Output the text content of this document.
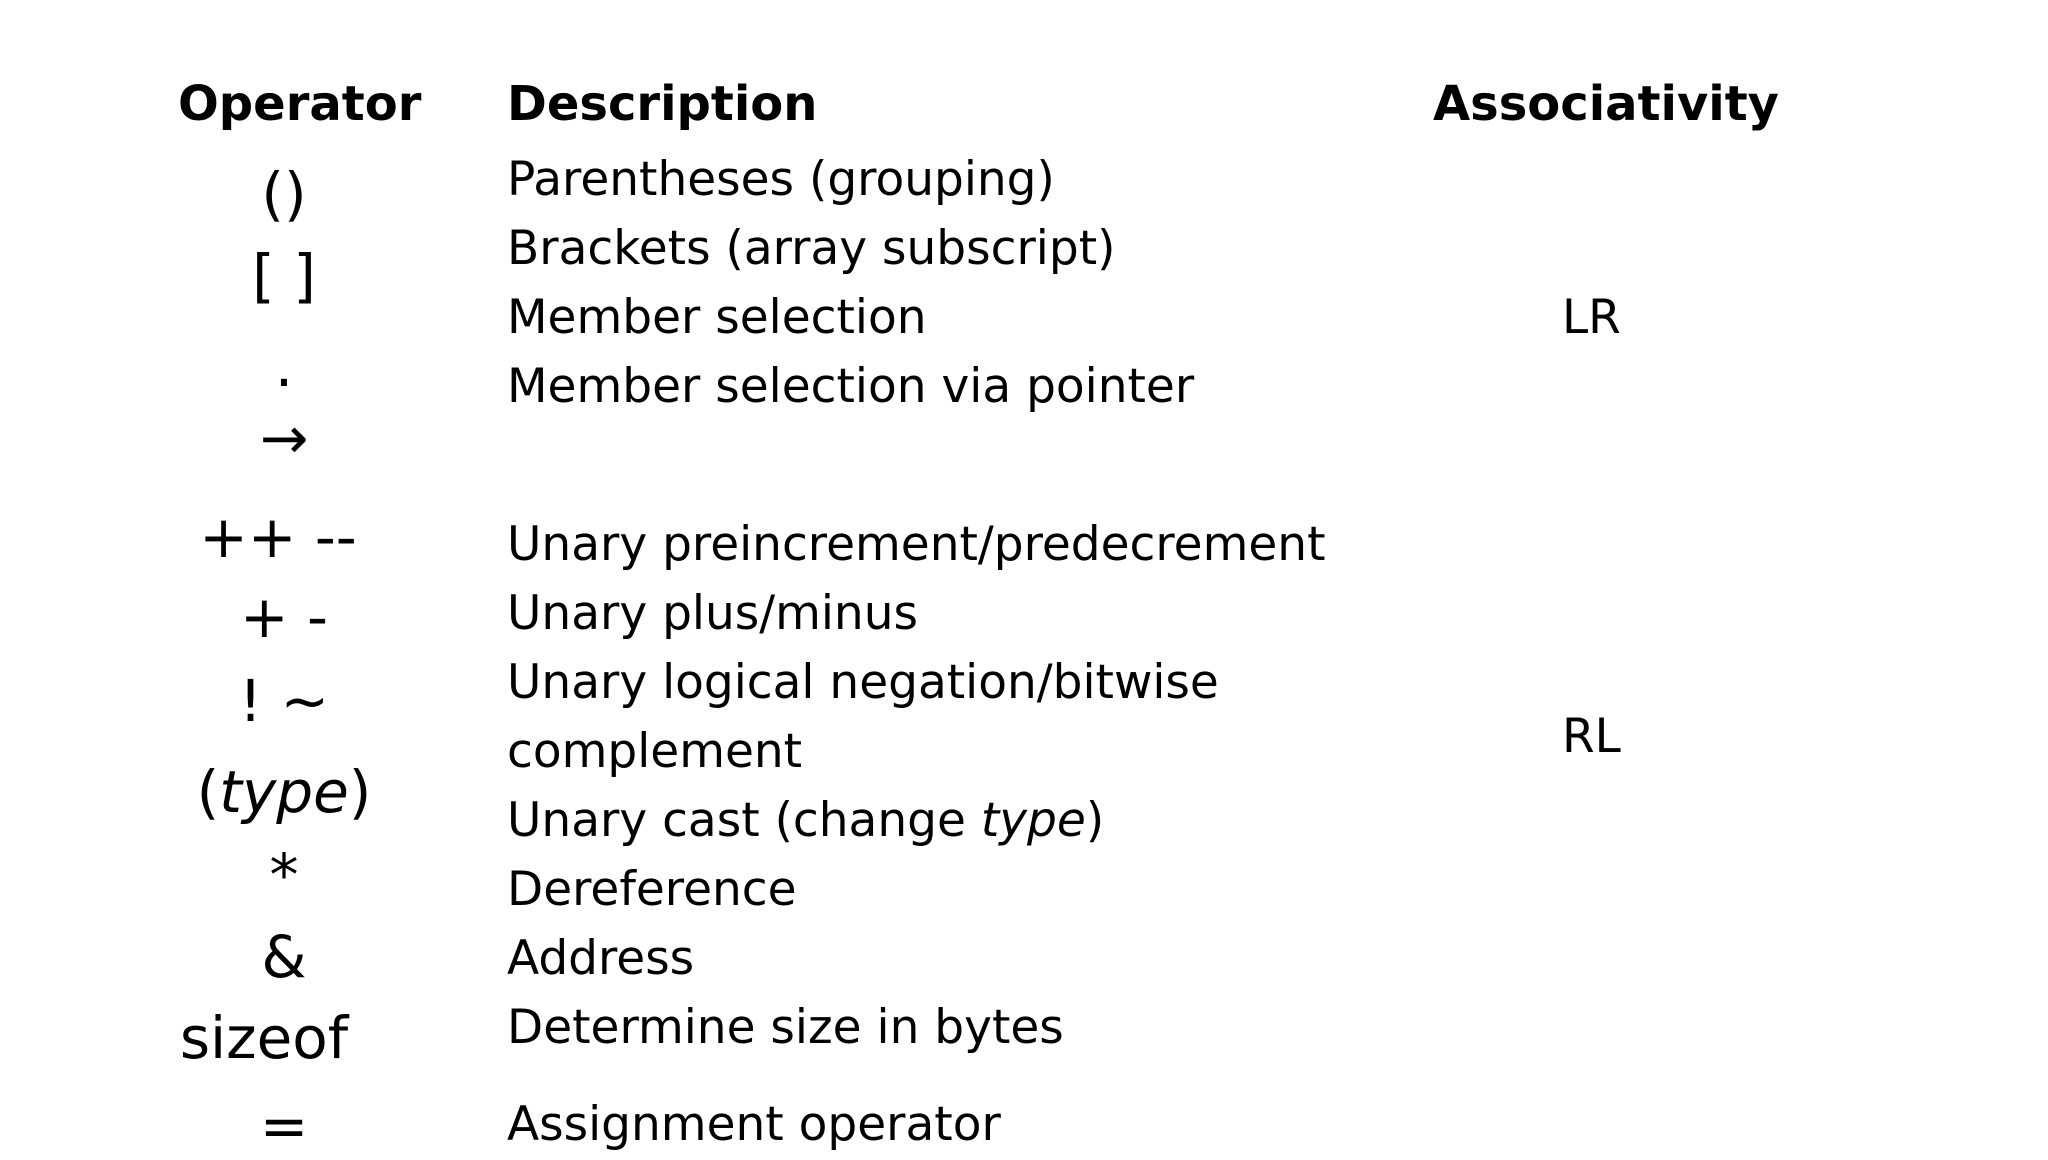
Operator Description	Associativity
()
[ ]
.
→
++ --
+ -
! ~
(type)
*
&
sizeof
=
Parentheses (grouping)
Brackets (array subscript)
Member selection
Member selection via pointer
Unary preincrement/predecrement
Unary plus/minus
Unary logical negation/bitwise
complement
Unary cast (change type)
Dereference
Address
Determine size in bytes
Assignment operator
LR
RL
